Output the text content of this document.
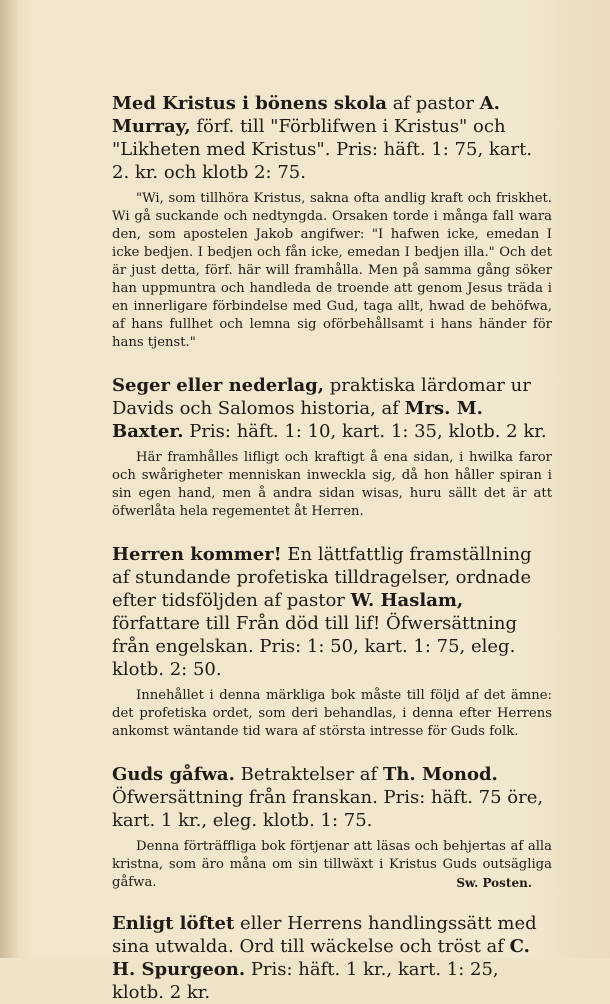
Med Kristus i bönens skola af pastor A. Murray, förf. till "Förblifwen i Kristus" och "Likheten med Kristus". Pris: häft. 1: 75, kart. 2. kr. och klotb 2: 75.

"Wi, som tillhöra Kristus, sakna ofta andlig kraft och friskhet. Wi gå suckande och nedtyngda. Orsaken torde i många fall wara den, som apostelen Jakob angifwer: "I hafwen icke, emedan I icke bedjen. I bedjen och fån icke, emedan I bedjen illa." Och det är just detta, förf. här will framhålla. Men på samma gång söker han uppmuntra och handleda de troende att genom Jesus träda i en innerligare förbindelse med Gud, taga allt, hwad de behöfwa, af hans fullhet och lemna sig oförbehållsamt i hans händer för hans tjenst."

Seger eller nederlag, praktiska lärdomar ur Davids och Salomos historia, af Mrs. M. Baxter. Pris: häft. 1: 10, kart. 1: 35, klotb. 2 kr.

Här framhålles lifligt och kraftigt å ena sidan, i hwilka faror och swårigheter menniskan inweckla sig, då hon håller spiran i sin egen hand, men å andra sidan wisas, huru sällt det är att öfwerlåta hela regementet åt Herren.

Herren kommer! En lättfattlig framställning af stundande profetiska tilldragelser, ordnade efter tidsföljden af pastor W. Haslam, författare till Från död till lif! Öfwersättning från engelskan. Pris: 1: 50, kart. 1: 75, eleg. klotb. 2: 50.

Innehållet i denna märkliga bok måste till följd af det ämne: det profetiska ordet, som deri behandlas, i denna efter Herrens ankomst wäntande tid wara af största intresse för Guds folk.

Guds gåfwa. Betraktelser af Th. Monod. Öfwersättning från franskan. Pris: häft. 75 öre, kart. 1 kr., eleg. klotb. 1: 75.

Denna förträffliga bok förtjenar att läsas och behjertas af alla kristna, som äro måna om sin tillwäxt i Kristus Guds outsägliga gåfwa.	Sw. Posten.

Enligt löftet eller Herrens handlingssätt med sina utwalda. Ord till wäckelse och tröst af C. H. Spurgeon. Pris: häft. 1 kr., kart. 1: 25, klotb. 2 kr.
